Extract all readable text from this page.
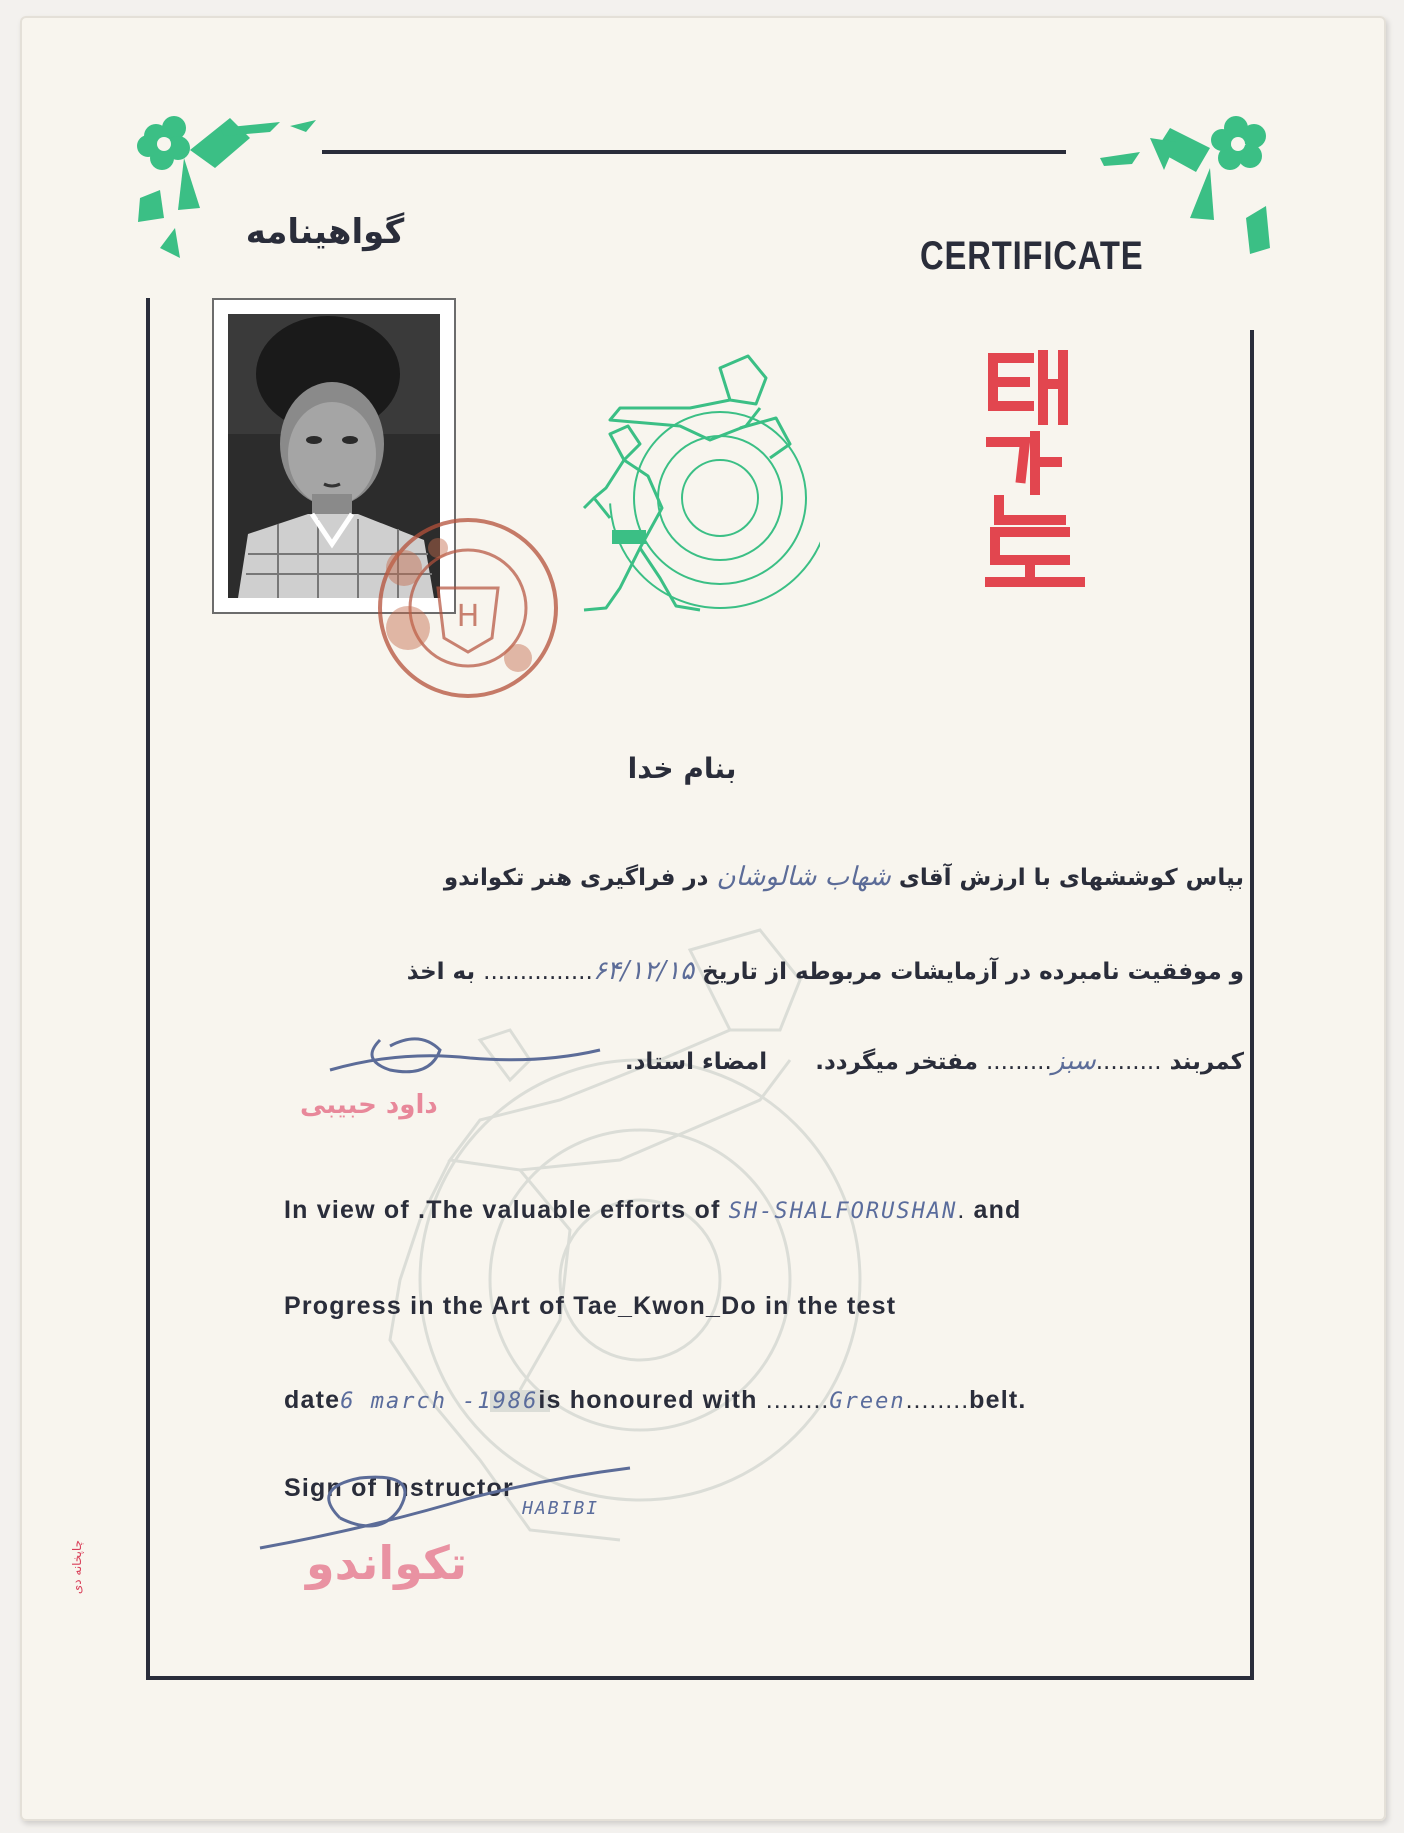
گواهینامه
CERTIFICATE
H
بنام خدا
بپاس کوششهای با ارزش آقای شهاب شالوشان در فراگیری هنر تکواندو
و موفقیت نامبرده در آزمایشات مربوطه از تاریخ ۶۴/۱۲/۱۵............... به اخذ
کمربند .........سبز......... مفتخر میگردد.      امضاء استاد.
داود حبیبی
In view of .The valuable efforts of SH-SHALFORUSHAN. and
Progress in the Art of Tae_Kwon_Do in the test
date6 march -1986is honoured with ........Green........belt.
Sign of Instructor $_{HABIBI}$
تکواندو
چاپخانه دی
